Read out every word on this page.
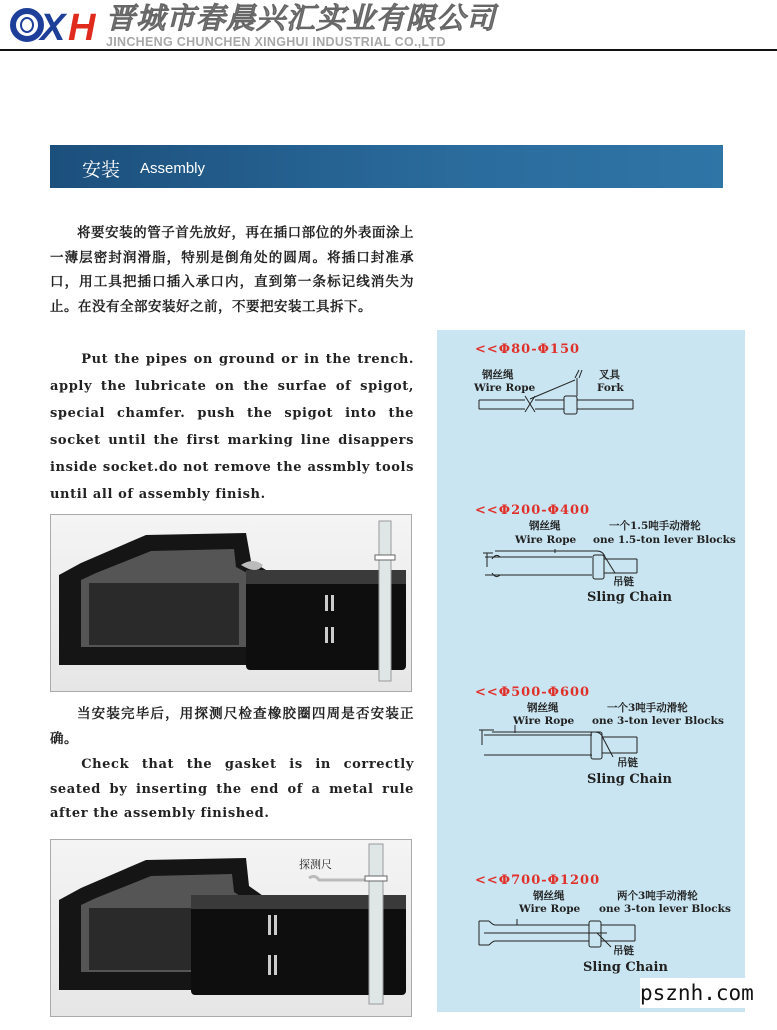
X H 晋城市春晨兴汇实业有限公司
JINCHENG CHUNCHEN XINGHUI INDUSTRIAL CO.,LTD
安装 Assembly
将要安装的管子首先放好，再在插口部位的外表面涂上一薄层密封润滑脂，特别是倒角处的圆周。将插口封准承口，用工具把插口插入承口内，直到第一条标记线消失为止。在没有全部安装好之前，不要把安装工具拆下。
Put the pipes on ground or in the trench. apply the lubricate on the surfae of spigot, special chamfer. push the spigot into the socket until the first marking line disappers inside socket.do not remove the assmbly tools until all of assembly finish.
当安装完毕后，用探测尺检查橡胶圈四周是否安装正确。
Check that the gasket is in correctly seated by inserting the end of a metal rule after the assembly finished.
探测尺
<<Φ80-Φ150
钢丝绳
Wire Rope
叉具
Fork
<<Φ200-Φ400
钢丝绳
Wire Rope
一个1.5吨手动滑轮
one 1.5-ton lever Blocks
吊链
Sling Chain
<<Φ500-Φ600
钢丝绳
Wire Rope
一个3吨手动滑轮
one 3-ton lever Blocks
吊链
Sling Chain
<<Φ700-Φ1200
钢丝绳
Wire Rope
两个3吨手动滑轮
one 3-ton lever Blocks
吊链
Sling Chain
psznh.com
